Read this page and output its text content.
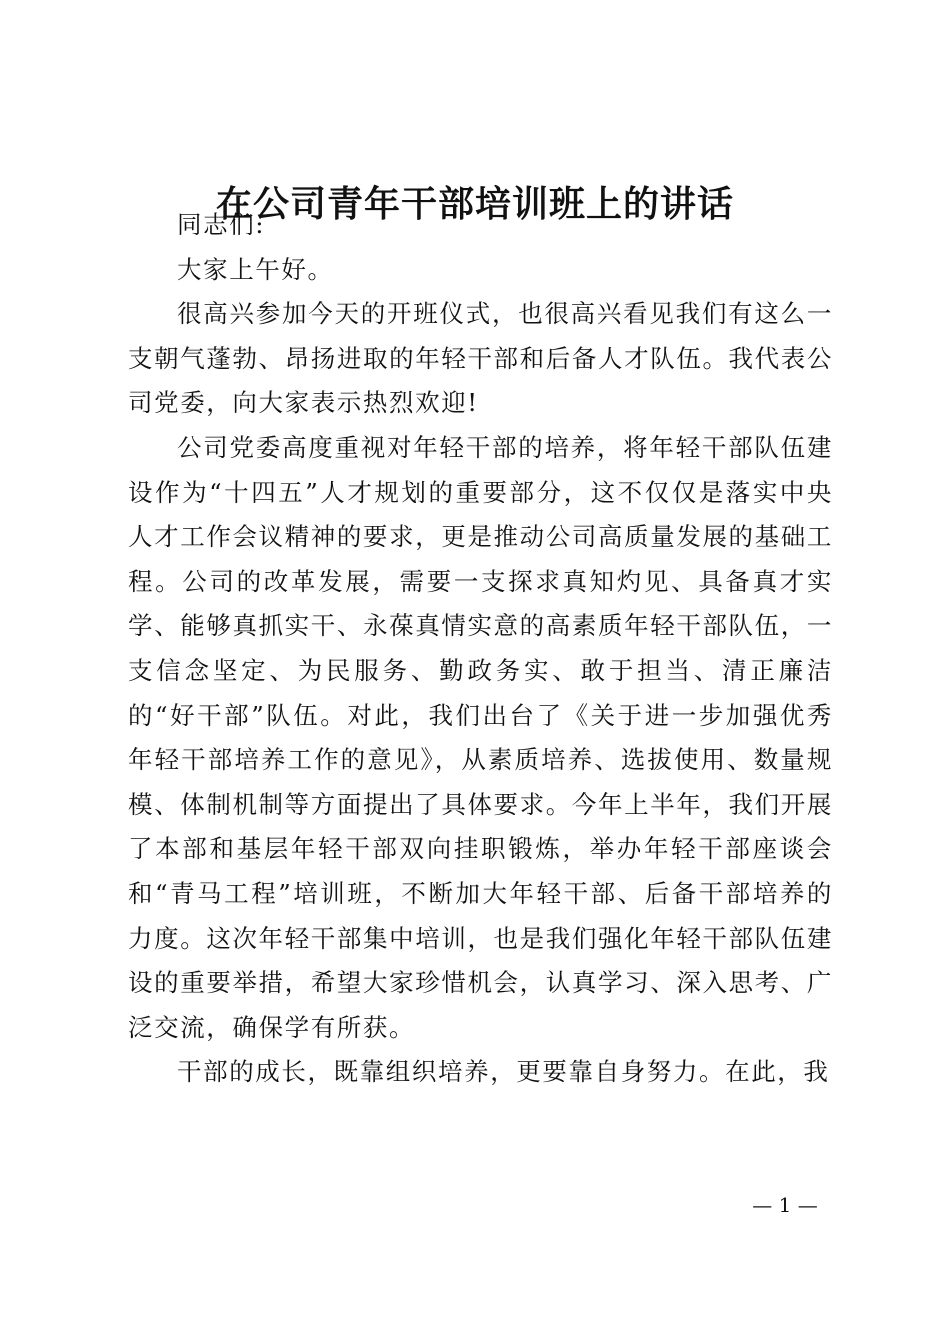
在公司青年干部培训班上的讲话

同志们:

大家上午好。

很高兴参加今天的开班仪式，也很高兴看见我们有这么一支朝气蓬勃、昂扬进取的年轻干部和后备人才队伍。我代表公司党委，向大家表示热烈欢迎!

公司党委高度重视对年轻干部的培养，将年轻干部队伍建设作为“十四五”人才规划的重要部分，这不仅仅是落实中央人才工作会议精神的要求，更是推动公司高质量发展的基础工程。公司的改革发展，需要一支探求真知灼见、具备真才实学、能够真抓实干、永葆真情实意的高素质年轻干部队伍，一支信念坚定、为民服务、勤政务实、敢于担当、清正廉洁的“好干部”队伍。对此，我们出台了《关于进一步加强优秀年轻干部培养工作的意见》，从素质培养、选拔使用、数量规模、体制机制等方面提出了具体要求。今年上半年，我们开展了本部和基层年轻干部双向挂职锻炼，举办年轻干部座谈会和“青马工程”培训班，不断加大年轻干部、后备干部培养的力度。这次年轻干部集中培训，也是我们强化年轻干部队伍建设的重要举措，希望大家珍惜机会，认真学习、深入思考、广泛交流，确保学有所获。

干部的成长，既靠组织培养，更要靠自身努力。在此，我

— 1 —
